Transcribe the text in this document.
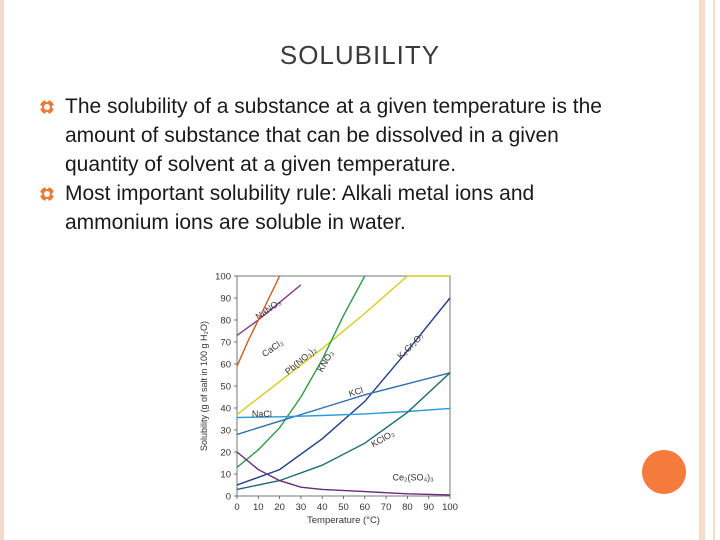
SOLUBILITY
The solubility of a substance at a given temperature is the amount of substance that can be dissolved in a given quantity of solvent at a given temperature.
Most important solubility rule: Alkali metal ions and ammonium ions are soluble in water.
0
10
20
30
40
50
60
70
80
90
100
0 10 20 30 40 50 60 70 80 90 100
Temperature (°C)
Solubility (g of salt in 100 g H₂O)
NaNO₃
CaCl₂
Pb(NO₃)₂
KNO₃
K₂Cr₂O₇
KCl
NaCl
KClO₃
Ce₂(SO₄)₃
